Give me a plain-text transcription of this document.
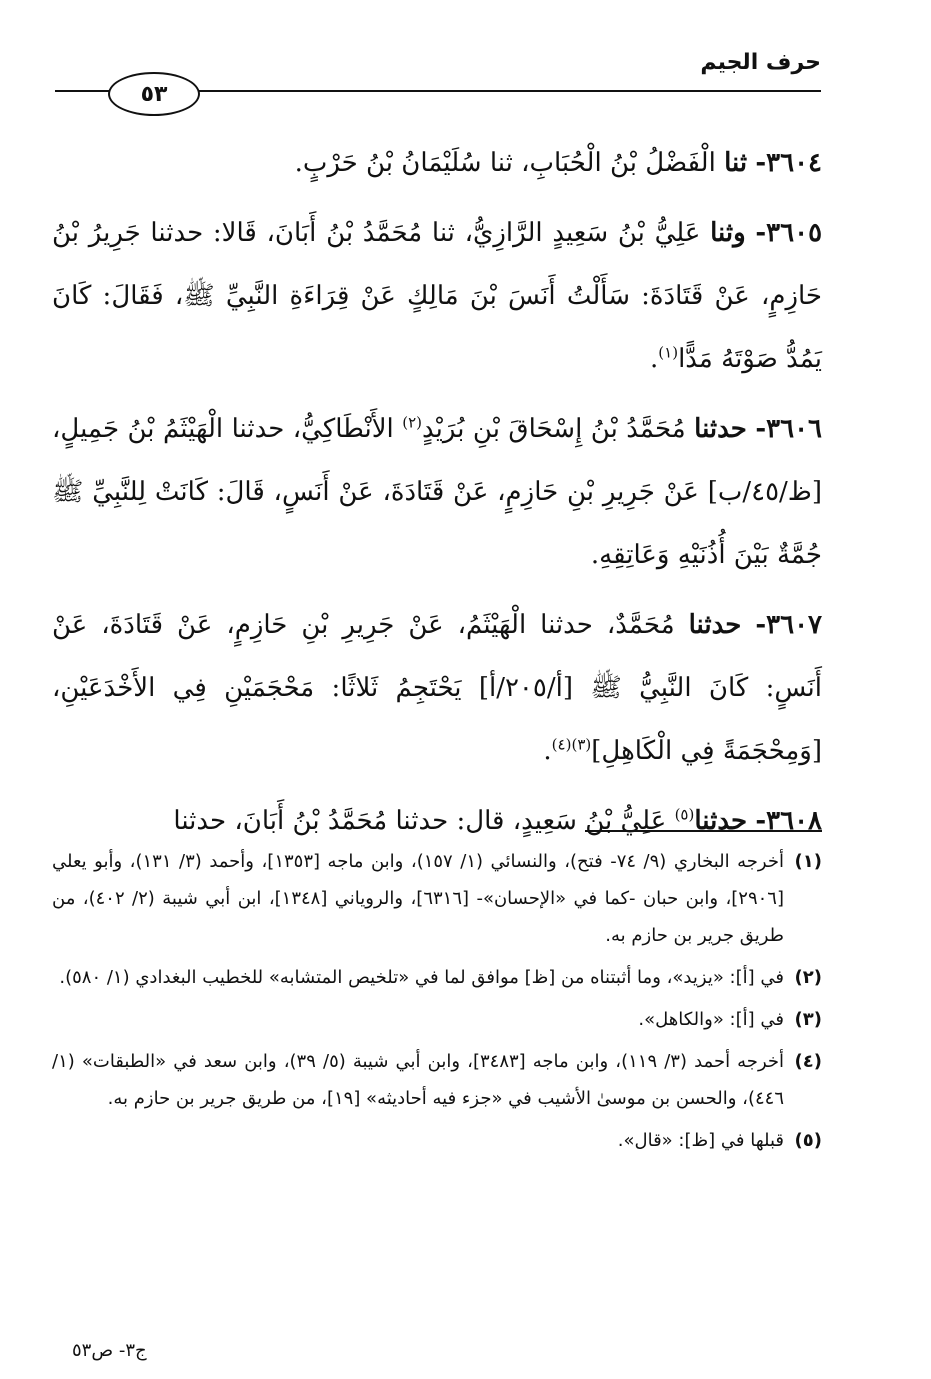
حرف الجيم
٥٣

٣٦٠٤- ثنا الْفَضْلُ بْنُ الْحُبَابِ، ثنا سُلَيْمَانُ بْنُ حَرْبٍ.

٣٦٠٥- وثنا عَلِيُّ بْنُ سَعِيدٍ الرَّازِيُّ، ثنا مُحَمَّدُ بْنُ أَبَانَ، قَالا: حدثنا جَرِيرُ بْنُ حَازِمٍ، عَنْ قَتَادَةَ: سَأَلْتُ أَنَسَ بْنَ مَالِكٍ عَنْ قِرَاءَةِ النَّبِيِّ ﷺ، فَقَالَ: كَانَ يَمُدُّ صَوْتَهُ مَدًّا$^{(١)}$.

٣٦٠٦- حدثنا مُحَمَّدُ بْنُ إِسْحَاقَ بْنِ بُرَيْدٍ$^{(٢)}$ الأَنْطَاكِيُّ، حدثنا الْهَيْثَمُ بْنُ جَمِيلٍ، [ظ/٤٥/ب] عَنْ جَرِيرِ بْنِ حَازِمٍ، عَنْ قَتَادَةَ، عَنْ أَنَسٍ، قَالَ: كَانَتْ لِلنَّبِيِّ ﷺ جُمَّةٌ بَيْنَ أُذُنَيْهِ وَعَاتِقِهِ.

٣٦٠٧- حدثنا مُحَمَّدٌ، حدثنا الْهَيْثَمُ، عَنْ جَرِيرِ بْنِ حَازِمٍ، عَنْ قَتَادَةَ، عَنْ أَنَسٍ: كَانَ النَّبِيُّ ﷺ [أ/٢٠٥/أ] يَحْتَجِمُ ثَلاثًا: مَحْجَمَيْنِ فِي الأَخْدَعَيْنِ، [وَمِحْجَمَةً فِي الْكَاهِلِ]$^{(٣)(٤)}$.

٣٦٠٨- حدثنا$^{(٥)}$ عَلِيُّ بْنُ سَعِيدٍ، قال: حدثنا مُحَمَّدُ بْنُ أَبَانَ، حدثنا

(١)
أخرجه البخاري (٩/ ٧٤- فتح)، والنسائي (١/ ١٥٧)، وابن ماجه [١٣٥٣]، وأحمد (٣/ ١٣١)، وأبو يعلي [٢٩٠٦]، وابن حبان -كما في «الإحسان»- [٦٣١٦]، والروياني [١٣٤٨]، ابن أبي شيبة (٢/ ٤٠٢)، من طريق جرير بن حازم به.

(٢)
في [أ]: «يزيد»، وما أثبتناه من [ظ] موافق لما في «تلخيص المتشابه» للخطيب البغدادي (١/ ٥٨٠).

(٣)
في [أ]: «والكاهل».

(٤)
أخرجه أحمد (٣/ ١١٩)، وابن ماجه [٣٤٨٣]، وابن أبي شيبة (٥/ ٣٩)، وابن سعد في «الطبقات» (١/ ٤٤٦)، والحسن بن موسىٰ الأشيب في «جزء فيه أحاديثه» [١٩]، من طريق جرير بن حازم به.

(٥)
قبلها في [ظ]: «قال».

ج٣- ص٥٣
